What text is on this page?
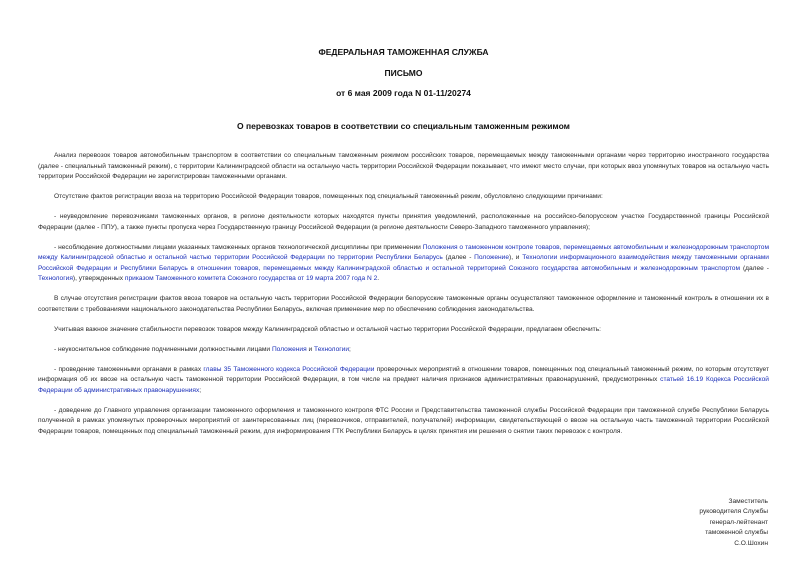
ФЕДЕРАЛЬНАЯ ТАМОЖЕННАЯ СЛУЖБА
ПИСЬМО
от 6 мая 2009 года N 01-11/20274
О перевозках товаров в соответствии со специальным таможенным режимом

Анализ перевозок товаров автомобильным транспортом в соответствии со специальным таможенным режимом российских товаров, перемещаемых между таможенными органами через территорию иностранного государства (далее - специальный таможенный режим), с территории Калининградской области на остальную часть территории Российской Федерации показывает, что имеют место случаи, при которых ввоз упомянутых товаров на остальную часть территории Российской Федерации не зарегистрирован таможенными органами.

Отсутствие фактов регистрации ввоза на территорию Российской Федерации товаров, помещенных под специальный таможенный режим, обусловлено следующими причинами:

- неуведомление перевозчиками таможенных органов, в регионе деятельности которых находятся пункты принятия уведомлений, расположенные на российско-белорусском участке Государственной границы Российской Федерации (далее - ППУ), а также пункты пропуска через Государственную границу Российской Федерации (в регионе деятельности Северо-Западного таможенного управления);

- несоблюдение должностными лицами указанных таможенных органов технологической дисциплины при применении Положения о таможенном контроле товаров, перемещаемых автомобильным и железнодорожным транспортом между Калининградской областью и остальной частью территории Российской Федерации по территории Республики Беларусь (далее - Положение), и Технологии информационного взаимодействия между таможенными органами Российской Федерации и Республики Беларусь в отношении товаров, перемещаемых между Калининградской областью и остальной территорией Союзного государства автомобильным и железнодорожным транспортом (далее - Технология), утвержденных приказом Таможенного комитета Союзного государства от 19 марта 2007 года N 2.

В случае отсутствия регистрации фактов ввоза товаров на остальную часть территории Российской Федерации белорусские таможенные органы осуществляют таможенное оформление и таможенный контроль в отношении их в соответствии с требованиями национального законодательства Республики Беларусь, включая применение мер по обеспечению соблюдения законодательства.

Учитывая важное значение стабильности перевозок товаров между Калининградской областью и остальной частью территории Российской Федерации, предлагаем обеспечить:

- неукоснительное соблюдение подчиненными должностными лицами Положения и Технологии;

- проведение таможенными органами в рамках главы 35 Таможенного кодекса Российской Федерации проверочных мероприятий в отношении товаров, помещенных под специальный таможенный режим, по которым отсутствует информация об их ввозе на остальную часть таможенной территории Российской Федерации, в том числе на предмет наличия признаков административных правонарушений, предусмотренных статьей 16.19 Кодекса Российской Федерации об административных правонарушениях;

- доведение до Главного управления организации таможенного оформления и таможенного контроля ФТС России и Представительства таможенной службы Российской Федерации при таможенной службе Республики Беларусь полученной в рамках упомянутых проверочных мероприятий от заинтересованных лиц (перевозчиков, отправителей, получателей) информации, свидетельствующей о ввозе на остальную часть таможенной территории Российской Федерации товаров, помещенных под специальный таможенный режим, для информирования ГТК Республики Беларусь в целях принятия им решения о снятии таких перевозок с контроля.

Заместитель
руководителя Службы
генерал-лейтенант
таможенной службы
С.О.Шохин
